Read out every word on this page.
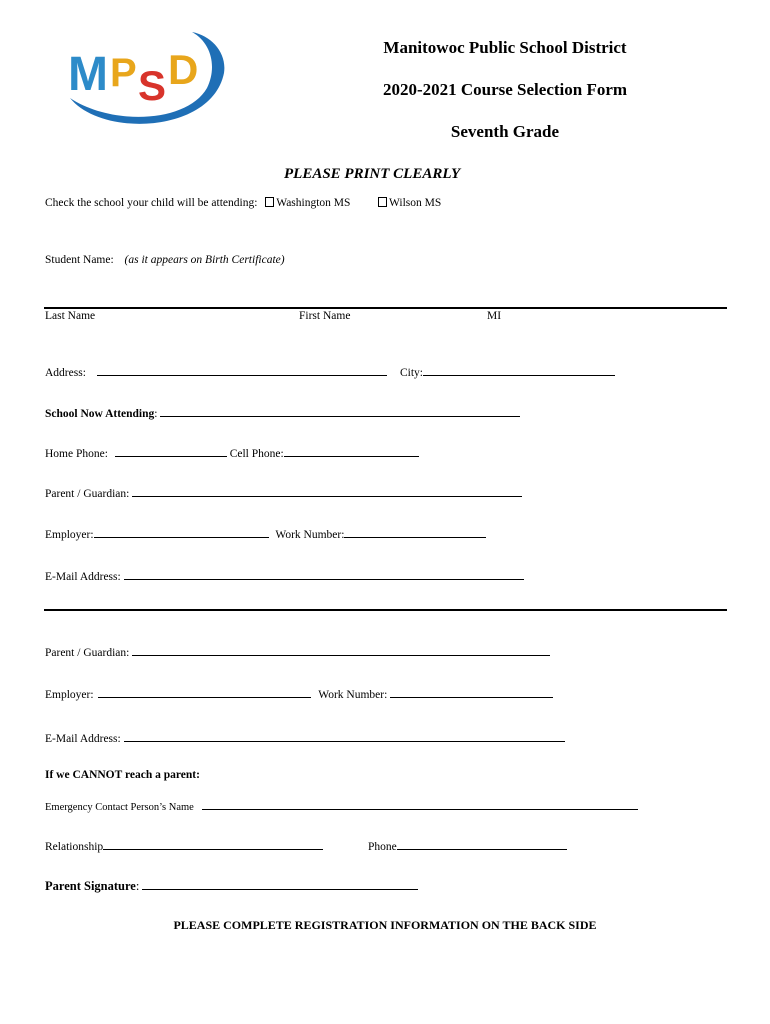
M P S D	Manitowoc Public School District
2020-2021 Course Selection Form
Seventh Grade
PLEASE PRINT CLEARLY
Check the school your child will be attending: Washington MS	Wilson MS
Student Name: (as it appears on Birth Certificate)
Last Name	First Name	MI
Address:	City:
School Now Attending:
Home Phone:	Cell Phone:
Parent / Guardian:
Employer:	Work Number:
E-Mail Address:
Parent / Guardian:
Employer:	Work Number:
E-Mail Address:
If we CANNOT reach a parent:
Emergency Contact Person’s Name
Relationship	Phone
Parent Signature:
PLEASE COMPLETE REGISTRATION INFORMATION ON THE BACK SIDE
